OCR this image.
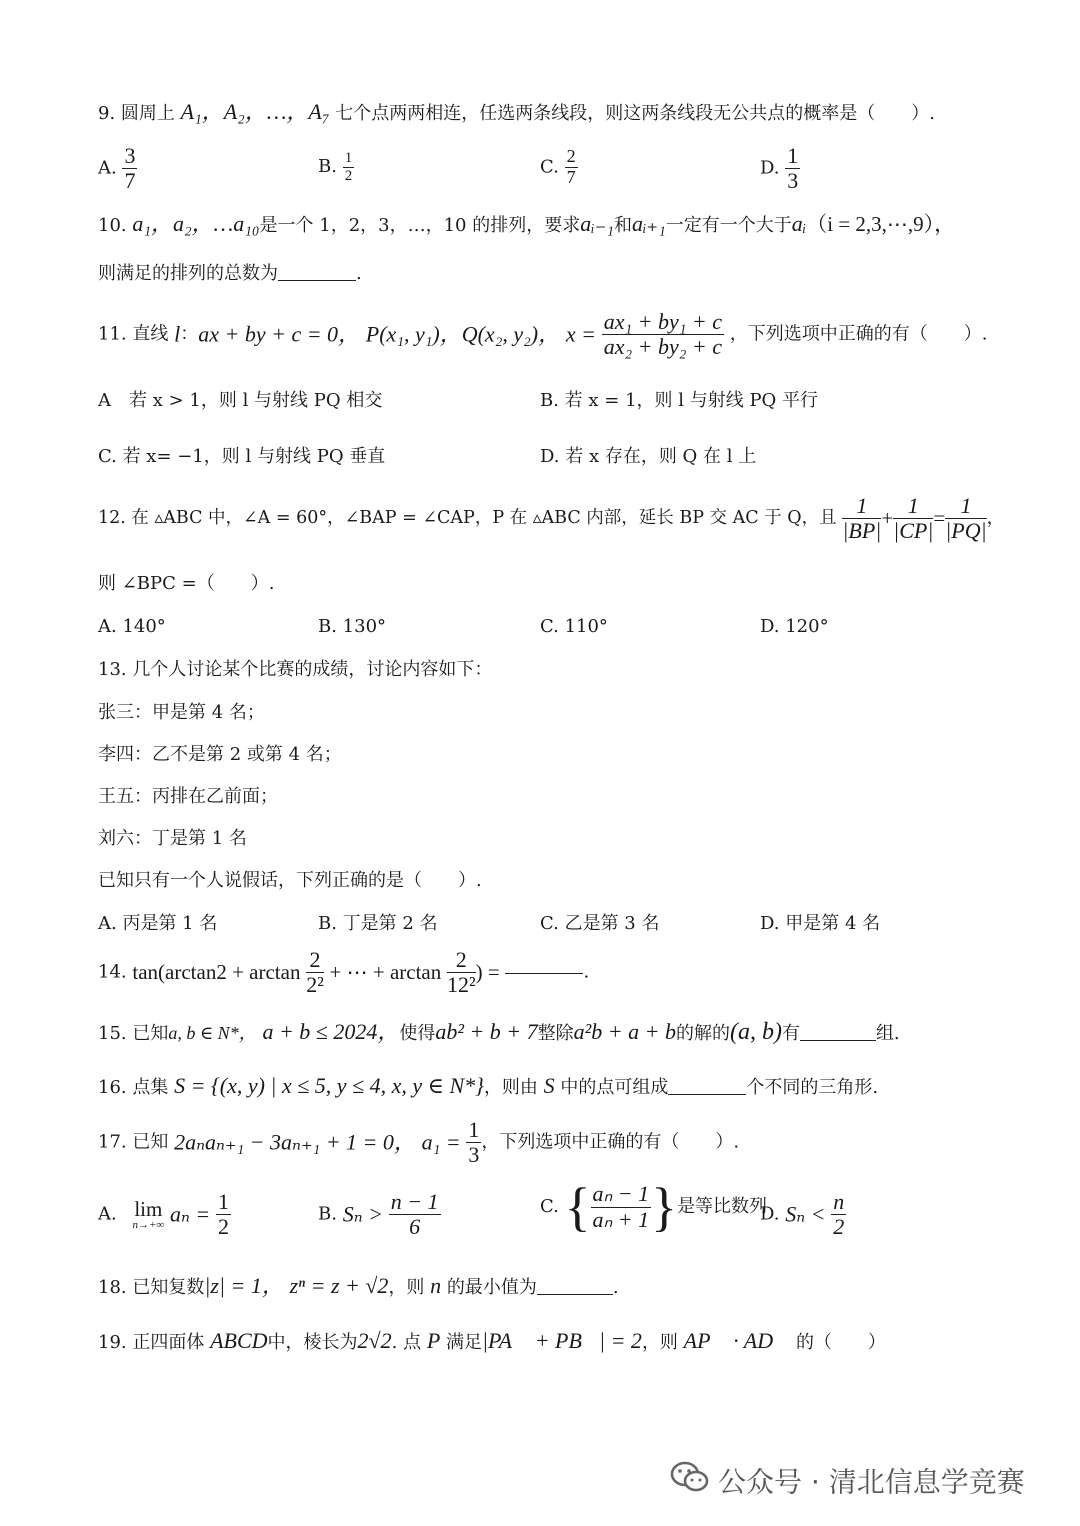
9. 圆周上 A₁，A₂，…，A₇ 七个点两两相连，任选两条线段，则这两条线段无公共点的概率是（　　）.
A. $\frac{3}{7}$	B. $\frac{1}{2}$	C. $\frac{2}{7}$	D. $\frac{1}{3}$
10. a₁，a₂，…a₁₀是一个 1，2，3，…，10 的排列，要求aᵢ₋₁和aᵢ₊₁一定有一个大于aᵢ（i = 2,3,⋯,9），
则满足的排列的总数为	.
11. 直线 l：ax + by + c = 0， P(x₁, y₁)，Q(x₂, y₂)， $x = \frac{\text{ax₁ + by₁ + c}}{\text{ax₂ + by₂ + c}}$ ，下列选项中正确的有（　　）.
A　若 x > 1，则 l 与射线 PQ 相交	B. 若 x = 1，则 l 与射线 PQ 平行
C. 若 x= −1，则 l 与射线 PQ 垂直	D. 若 x 存在，则 Q 在 l 上
12. 在 ▵ABC 中，∠A = 60°，∠BAP = ∠CAP，P 在 ▵ABC 内部，延长 BP 交 AC 于 Q，且 $\frac{1}{|BP|} + \frac{1}{|CP|} = \frac{1}{|PQ|}$ ，
则 ∠BPC =（　　）.
A. 140°	B. 130°	C. 110°	D. 120°
13. 几个人讨论某个比赛的成绩，讨论内容如下：
张三：甲是第 4 名；
李四：乙不是第 2 或第 4 名；
王五：丙排在乙前面；
刘六：丁是第 1 名
已知只有一个人说假话，下列正确的是（　　）.
A. 丙是第 1 名	B. 丁是第 2 名	C. 乙是第 3 名	D. 甲是第 4 名
14. $\tan(\arctan 2 + \arctan \frac{2}{\text{2²}}$ + ⋯ + $\arctan \frac{2}{\text{12²}}$ ) =	.
15. 已知a, b ∈ N*， a + b ≤ 2024，使得ab² + b + 7整除a²b + a + b的解的(a, b)有	组.
16. 点集 S = {(x, y) | x ≤ 5, y ≤ 4, x, y ∈ N*}，则由 S 中的点可组成	个不同的三角形.
17. 已知 2aₙaₙ₊₁ − 3aₙ₊₁ + 1 = 0， $a_1 = \frac{1}{3}$ ，下列选项中正确的有（　　）.
A. lim
n→+∞ $a_n = \frac{1}{2}$	B. $S_n > \frac{n - 1}{6}$	C. { $\frac{\text{aₙ − 1}}{\text{aₙ + 1}}$ }是等比数列
D. $S_n < \frac{n}{2}$
18. 已知复数|z| = 1， zⁿ = z + √2，则 n 的最小值为	.
19. 正四面体 ABCD中，棱长为2√2. 点 P 满足|PA⃗ + PB⃗| = 2，则 AP⃗ · AD⃗ 的（　　）
公众号 · 清北信息学竞赛
